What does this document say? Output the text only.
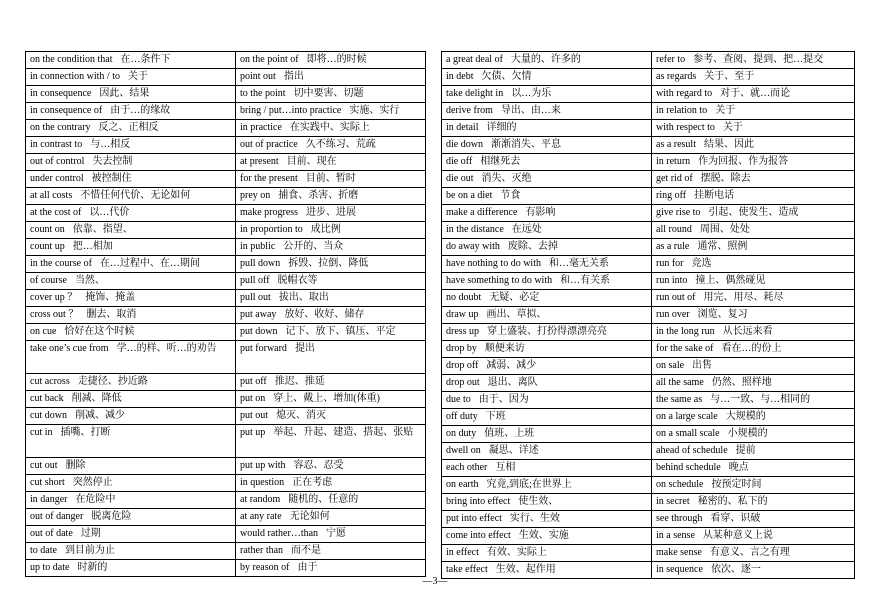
on the condition that 在…条件下	on the point of 即将…的时候
in connection with / to 关于	point out 指出
in consequence 因此、结果	to the point 切中要害、切题
in consequence of 由于…的缘故	bring / put…into practice 实施、实行
on the contrary 反之、正相反	in practice 在实践中、实际上
in contrast to 与…相反	out of practice 久不练习、荒疏
out of control 失去控制	at present 目前、现在
under control 被控制住	for the present 目前、暂时
at all costs 不惜任何代价、无论如何	prey on 捕食、杀害、折磨
at the cost of 以…代价	make progress 进步、进展
count on 依靠、指望、	in proportion to 成比例
count up 把…相加	in public 公开的、当众
in the course of 在…过程中、在…期间	pull down 拆毁、拉倒、降低
of course 当然、	pull off 脱帽衣等
cover up ？ 掩饰、掩盖	pull out 拔出、取出
cross out ？ 删去、取消	put away 放好、收好、储存
on cue 恰好在这个时候	put down 记下、放下、镇压、平定
take one’s cue from 学…的样、听…的劝告	put forward 提出
cut across 走捷径、抄近路	put off 推迟、推延
cut back 削减、降低	put on 穿上、戴上、增加(体重)
cut down 削减、减少	put out 熄灭、消灭
cut in 插嘴、打断	put up 举起、升起、建造、搭起、张贴
cut out 删除	put up with 容忍、忍受
cut short 突然停止	in question 正在考虑
in danger 在危险中	at random 随机的、任意的
out of danger 脱离危险	at any rate 无论如何
out of date 过期	would rather…than 宁愿
to date 到目前为止	rather than 而不是
up to date 时新的	by reason of 由于
a great deal of 大量的、许多的	refer to 参考、查阅、提到、把…提交
in debt 欠债、欠情	as regards 关于、至于
take delight in 以…为乐	with regard to 对于、就…而论
derive from 导出、由…来	in relation to 关于
in detail 详细的	with respect to 关于
die down 渐渐消失、平息	as a result 结果、因此
die off 相继死去	in return 作为回报、作为报答
die out 消失、灭绝	get rid of 摆脱、除去
be on a diet 节食	ring off 挂断电话
make a difference 有影响	give rise to 引起、使发生、造成
in the distance 在远处	all round 周围、处处
do away with 废除、去掉	as a rule 通常、照例
have nothing to do with 和…毫无关系	run for 竞选
have something to do with 和…有关系	run into 撞上、偶然碰见
no doubt 无疑、必定	run out of 用完、用尽、耗尽
draw up 画出、草拟、	run over 浏览、复习
dress up 穿上盛装、打扮得漂漂亮亮	in the long run 从长远来看
drop by 顺便来访	for the sake of 看在…的份上
drop off 减弱、减少	on sale 出售
drop out 退出、离队	all the same 仍然、照样地
due to 由于、因为	the same as 与…一致、与…相同的
off duty 下班	on a large scale 大规模的
on duty 值班、上班	on a small scale 小规模的
dwell on 凝思、详述	ahead of schedule 提前
each other 互相	behind schedule 晚点
on earth 究竟,到底;在世界上	on schedule 按预定时间
bring into effect 使生效、	in secret 秘密的、私下的
put into effect 实行、生效	see through 看穿、识破
come into effect 生效、实施	in a sense 从某种意义上说
in effect 有效、实际上	make sense 有意义、言之有理
take effect 生效、起作用	in sequence 依次、逐一
—3—
